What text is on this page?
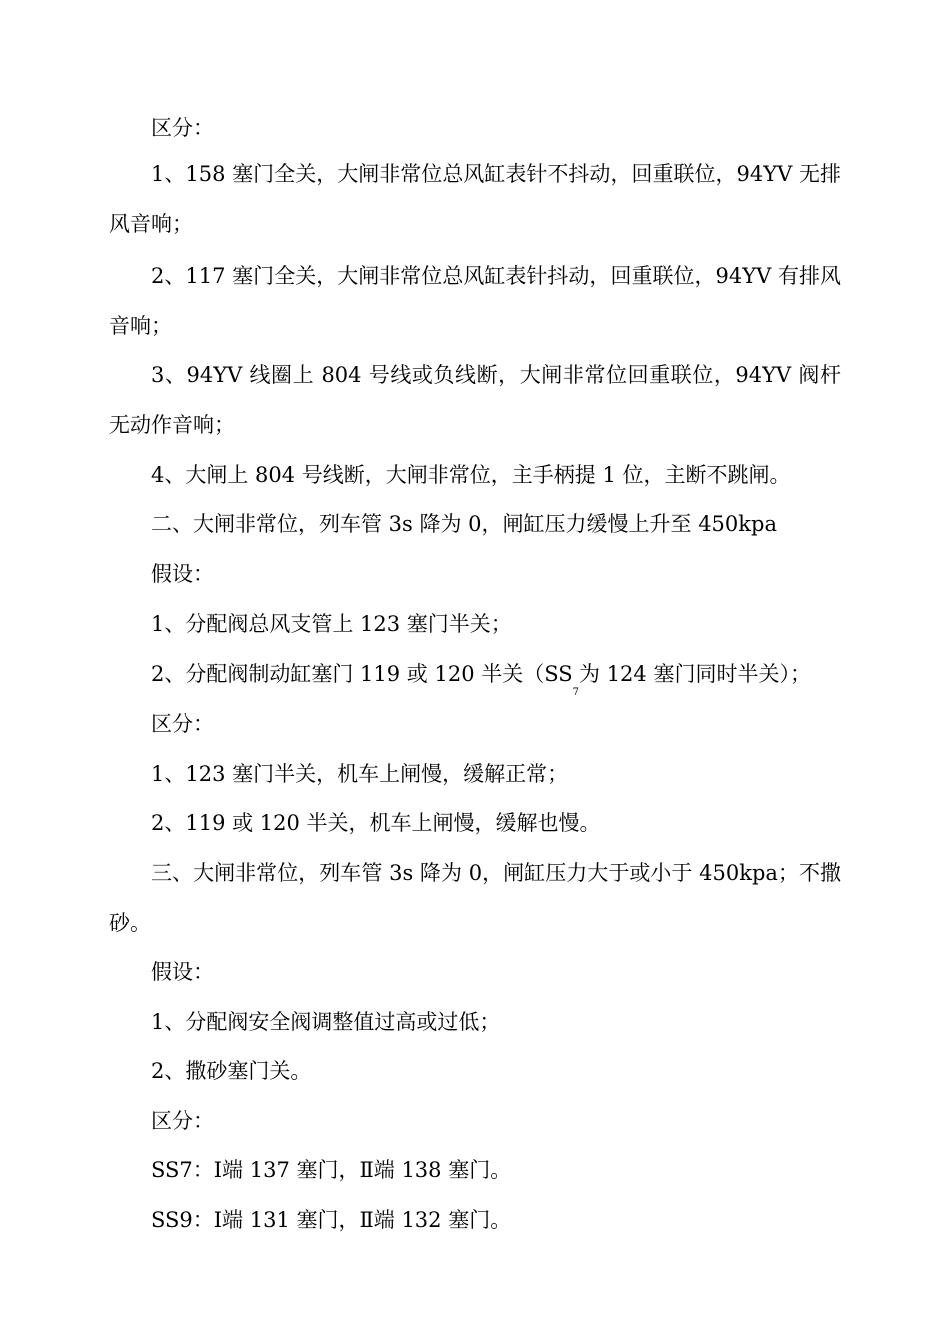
区分：

1、158 塞门全关，大闸非常位总风缸表针不抖动，回重联位，94YV 无排风音响；

2、117 塞门全关，大闸非常位总风缸表针抖动，回重联位，94YV 有排风音响；

3、94YV 线圈上 804 号线或负线断，大闸非常位回重联位，94YV 阀杆无动作音响；

4、大闸上 804 号线断，大闸非常位，主手柄提 1 位，主断不跳闸。

二、大闸非常位，列车管 3s 降为 0，闸缸压力缓慢上升至 450kpa

假设：

1、分配阀总风支管上 123 塞门半关；

2、分配阀制动缸塞门 119 或 120 半关（$SS_7$为 124 塞门同时半关）；

区分：

1、123 塞门半关，机车上闸慢，缓解正常；

2、119 或 120 半关，机车上闸慢，缓解也慢。

三、大闸非常位，列车管 3s 降为 0，闸缸压力大于或小于 450kpa；不撒砂。

假设：

1、分配阀安全阀调整值过高或过低；

2、撒砂塞门关。

区分：

SS7：Ⅰ端 137 塞门，Ⅱ端 138 塞门。

SS9：Ⅰ端 131 塞门，Ⅱ端 132 塞门。
